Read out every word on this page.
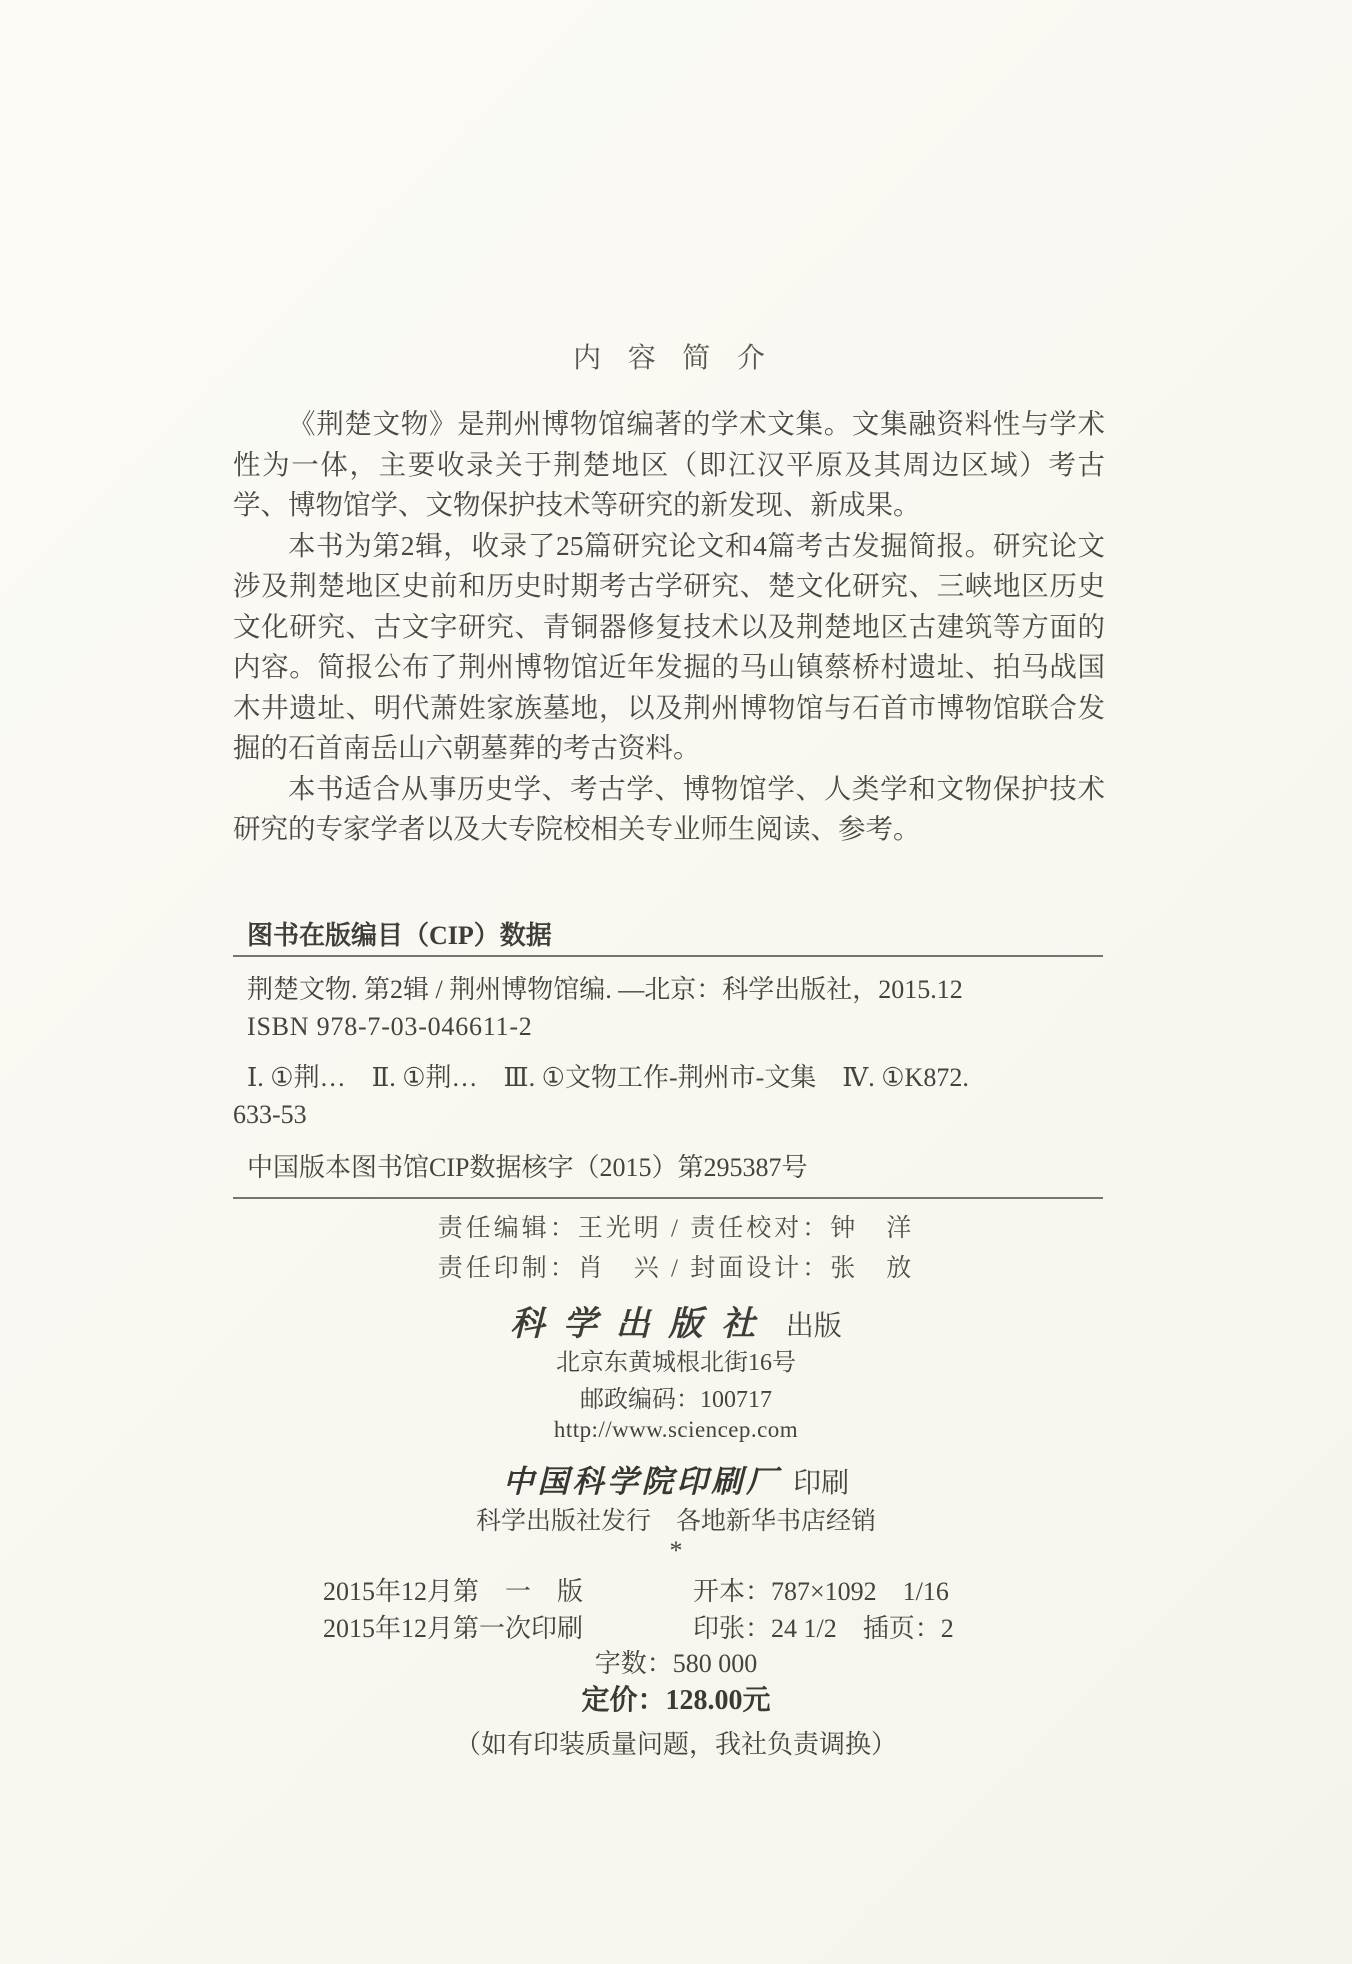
内容简介

《荆楚文物》是荆州博物馆编著的学术文集。文集融资料性与学术性为一体，主要收录关于荆楚地区（即江汉平原及其周边区域）考古学、博物馆学、文物保护技术等研究的新发现、新成果。

本书为第2辑，收录了25篇研究论文和4篇考古发掘简报。研究论文涉及荆楚地区史前和历史时期考古学研究、楚文化研究、三峡地区历史文化研究、古文字研究、青铜器修复技术以及荆楚地区古建筑等方面的内容。简报公布了荆州博物馆近年发掘的马山镇蔡桥村遗址、拍马战国木井遗址、明代萧姓家族墓地，以及荆州博物馆与石首市博物馆联合发掘的石首南岳山六朝墓葬的考古资料。

本书适合从事历史学、考古学、博物馆学、人类学和文物保护技术研究的专家学者以及大专院校相关专业师生阅读、参考。

图书在版编目（CIP）数据
荆楚文物. 第2辑 / 荆州博物馆编. —北京：科学出版社，2015.12
ISBN 978-7-03-046611-2
Ⅰ. ①荆…　Ⅱ. ①荆…　Ⅲ. ①文物工作-荆州市-文集　Ⅳ. ①K872.
633-53
中国版本图书馆CIP数据核字（2015）第295387号
责任编辑：王光明 / 责任校对：钟　洋
责任印制：肖　兴 / 封面设计：张　放
科学出版社 出版
北京东黄城根北街16号
邮政编码：100717
http://www.sciencep.com
中国科学院印刷厂 印刷
科学出版社发行　各地新华书店经销
*
2015年12月第　一　版	开本：787×1092　1/16
2015年12月第一次印刷	印张：24 1/2　插页：2
字数：580 000
定价：128.00元
（如有印装质量问题，我社负责调换）
